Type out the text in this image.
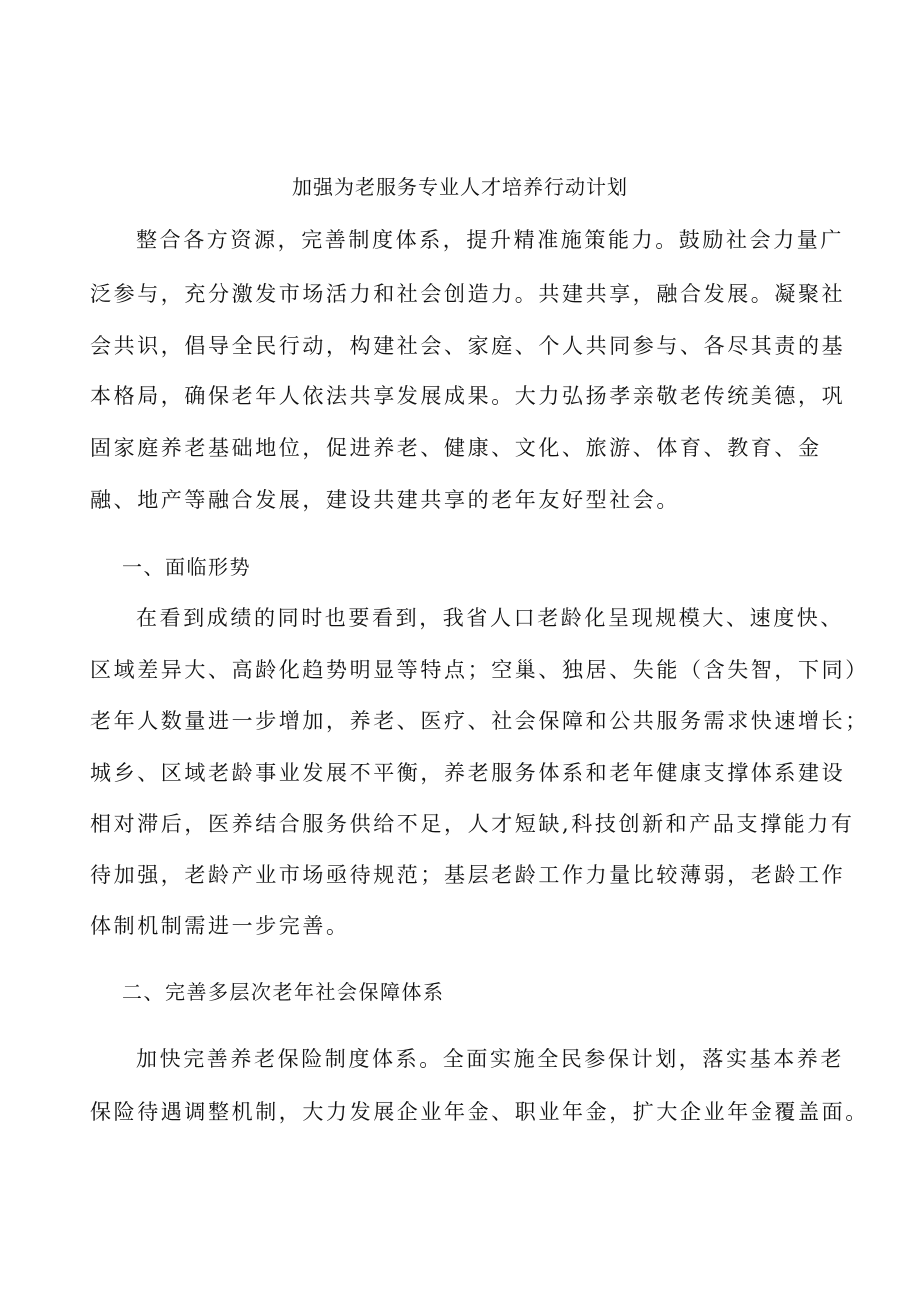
加强为老服务专业人才培养行动计划
整合各方资源，完善制度体系，提升精准施策能力。鼓励社会力量广
泛参与，充分激发市场活力和社会创造力。共建共享，融合发展。凝聚社
会共识，倡导全民行动，构建社会、家庭、个人共同参与、各尽其责的基
本格局，确保老年人依法共享发展成果。大力弘扬孝亲敬老传统美德，巩
固家庭养老基础地位，促进养老、健康、文化、旅游、体育、教育、金
融、地产等融合发展，建设共建共享的老年友好型社会。
一、面临形势
在看到成绩的同时也要看到，我省人口老龄化呈现规模大、速度快、
区域差异大、高龄化趋势明显等特点；空巢、独居、失能（含失智，下同）
老年人数量进一步增加，养老、医疗、社会保障和公共服务需求快速增长；
城乡、区域老龄事业发展不平衡，养老服务体系和老年健康支撑体系建设
相对滞后，医养结合服务供给不足，人才短缺,科技创新和产品支撑能力有
待加强，老龄产业市场亟待规范；基层老龄工作力量比较薄弱，老龄工作
体制机制需进一步完善。
二、完善多层次老年社会保障体系
加快完善养老保险制度体系。全面实施全民参保计划，落实基本养老
保险待遇调整机制，大力发展企业年金、职业年金，扩大企业年金覆盖面。
